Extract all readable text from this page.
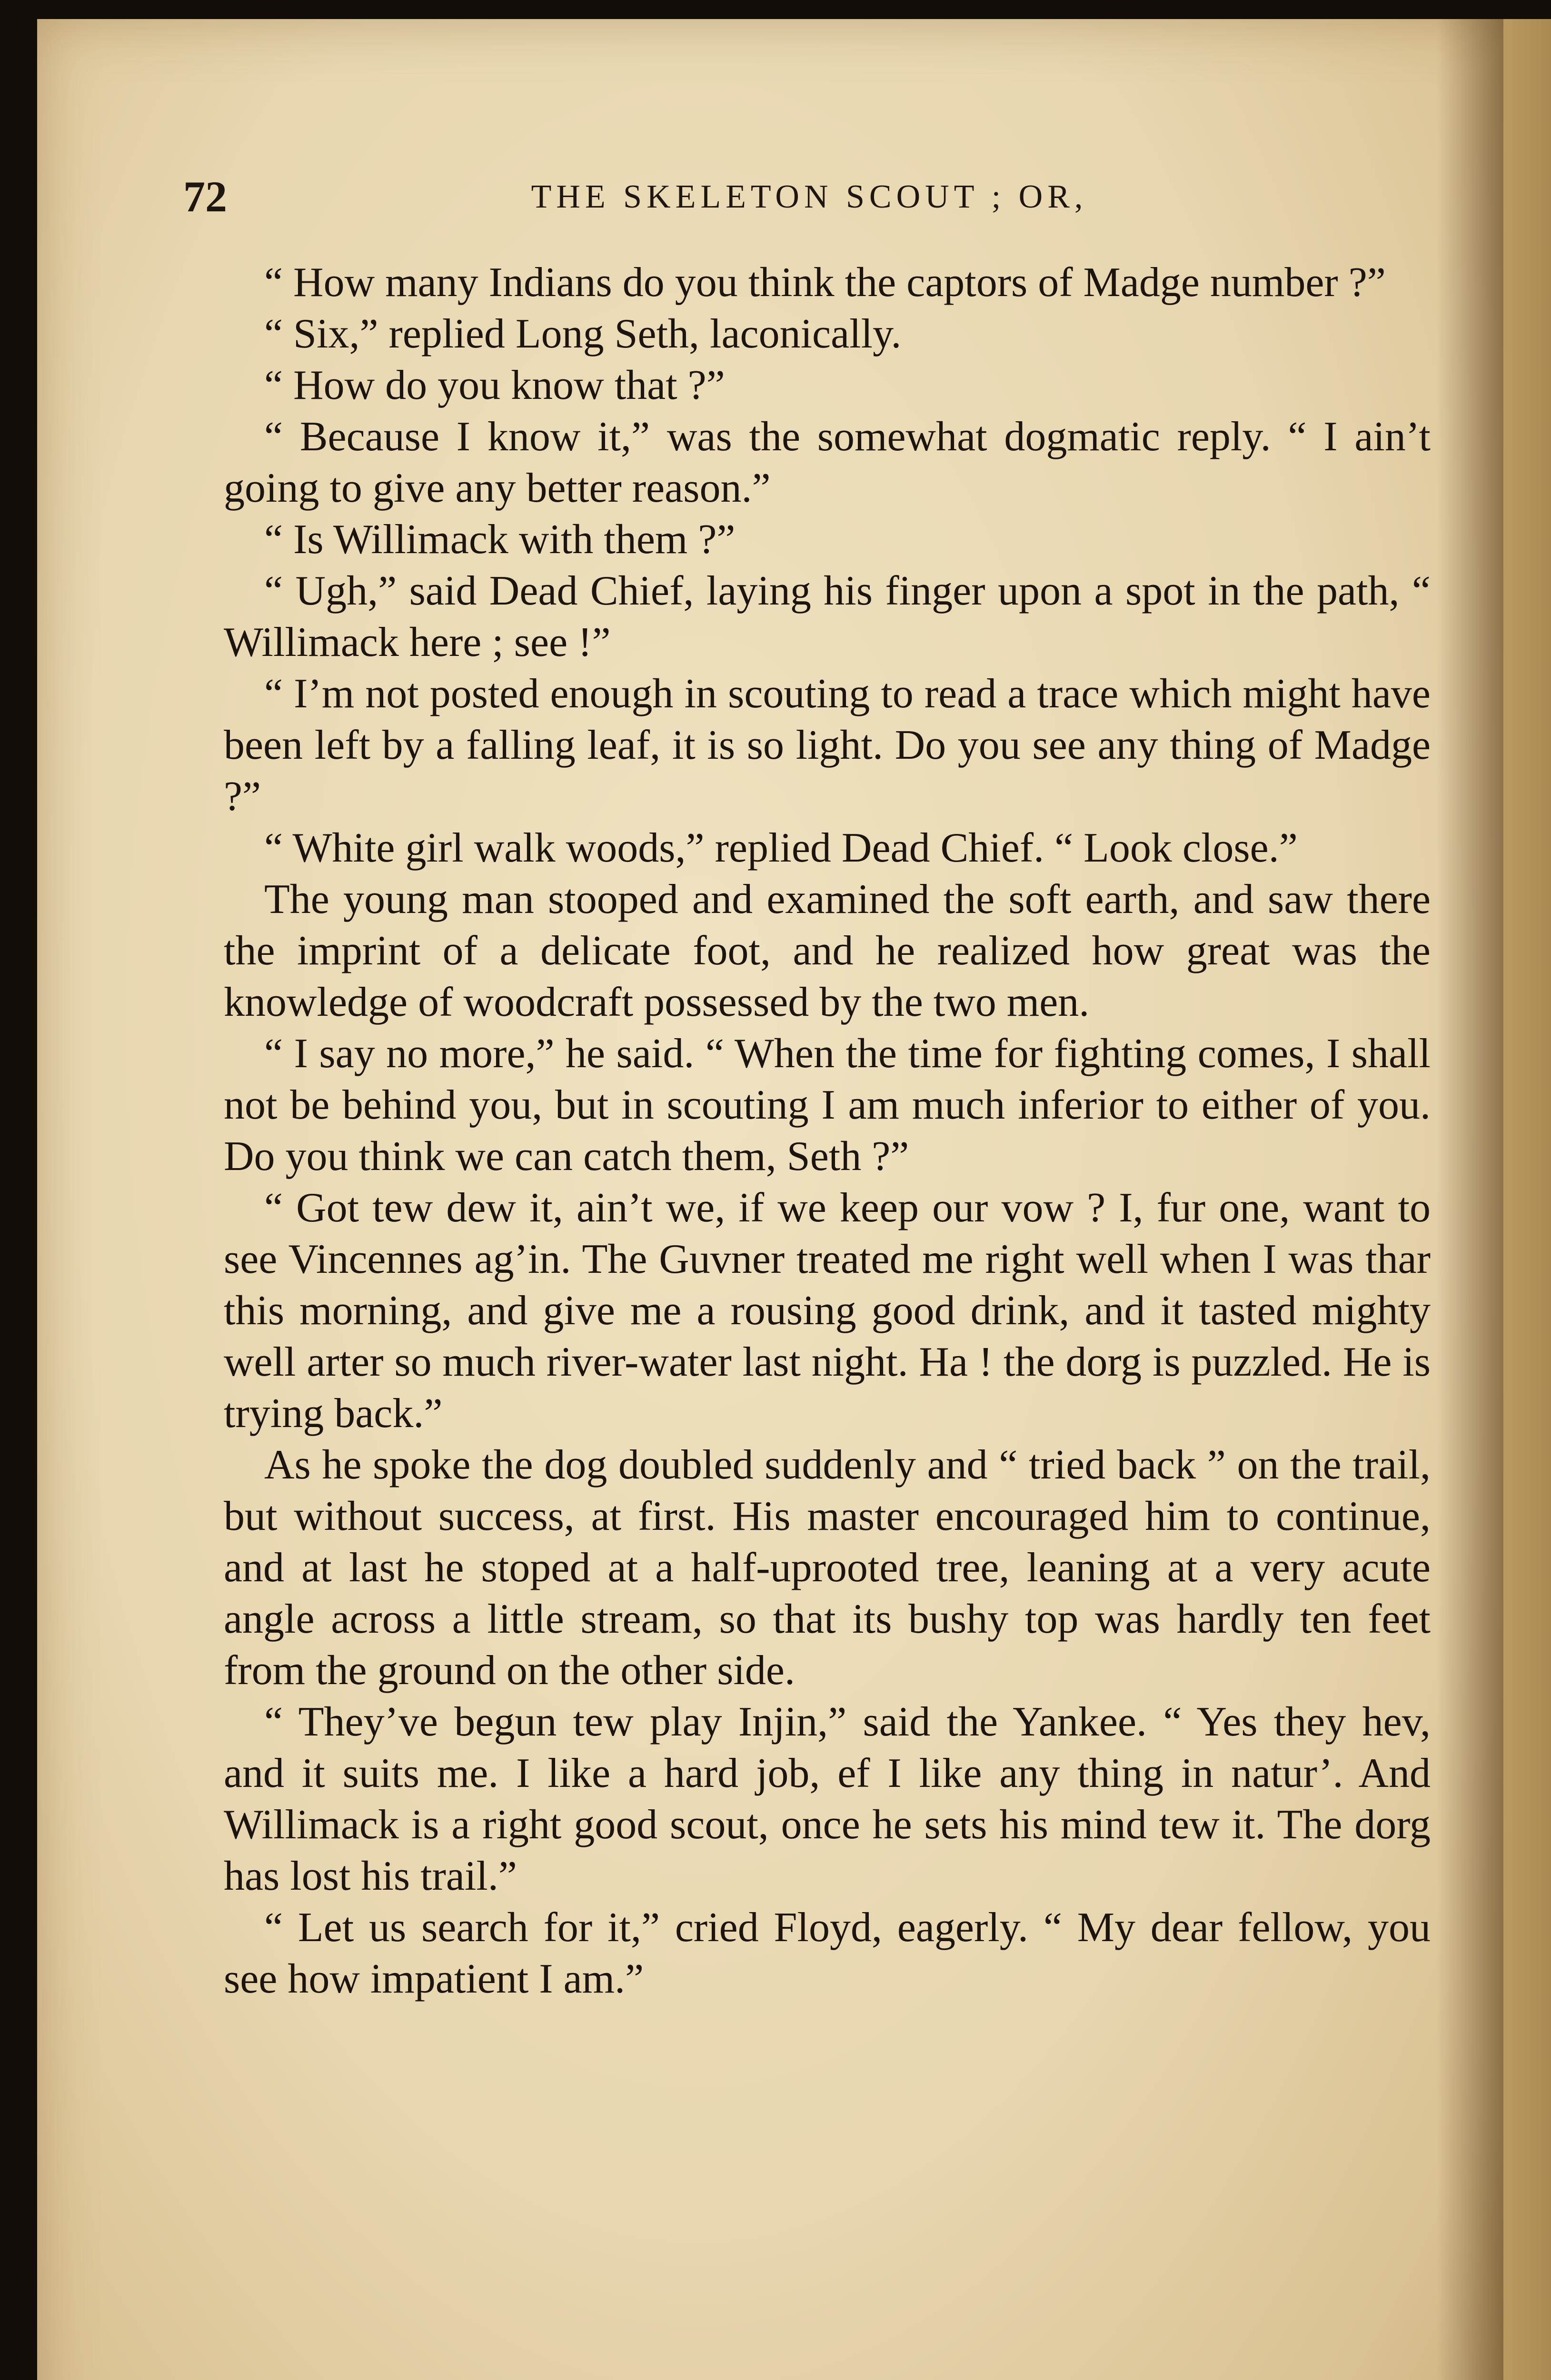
72	THE SKELETON SCOUT ; OR,

“ How many Indians do you think the captors of Madge number ?”

“ Six,” replied Long Seth, laconically.

“ How do you know that ?”

“ Because I know it,” was the somewhat dogmatic reply. “ I ain’t going to give any better reason.”

“ Is Willimack with them ?”

“ Ugh,” said Dead Chief, laying his finger upon a spot in the path, “ Willimack here ; see !”

“ I’m not posted enough in scouting to read a trace which might have been left by a falling leaf, it is so light. Do you see any thing of Madge ?”

“ White girl walk woods,” replied Dead Chief. “ Look close.”

The young man stooped and examined the soft earth, and saw there the imprint of a delicate foot, and he realized how great was the knowledge of woodcraft possessed by the two men.

“ I say no more,” he said. “ When the time for fighting comes, I shall not be behind you, but in scouting I am much inferior to either of you. Do you think we can catch them, Seth ?”

“ Got tew dew it, ain’t we, if we keep our vow ? I, fur one, want to see Vincennes ag’in. The Guvner treated me right well when I was thar this morning, and give me a rousing good drink, and it tasted mighty well arter so much river-water last night. Ha ! the dorg is puzzled. He is trying back.”

As he spoke the dog doubled suddenly and “ tried back ” on the trail, but without success, at first. His master encouraged him to continue, and at last he stoped at a half-uprooted tree, leaning at a very acute angle across a little stream, so that its bushy top was hardly ten feet from the ground on the other side.

“ They’ve begun tew play Injin,” said the Yankee. “ Yes they hev, and it suits me. I like a hard job, ef I like any thing in natur’. And Willimack is a right good scout, once he sets his mind tew it. The dorg has lost his trail.”

“ Let us search for it,” cried Floyd, eagerly. “ My dear fellow, you see how impatient I am.”
